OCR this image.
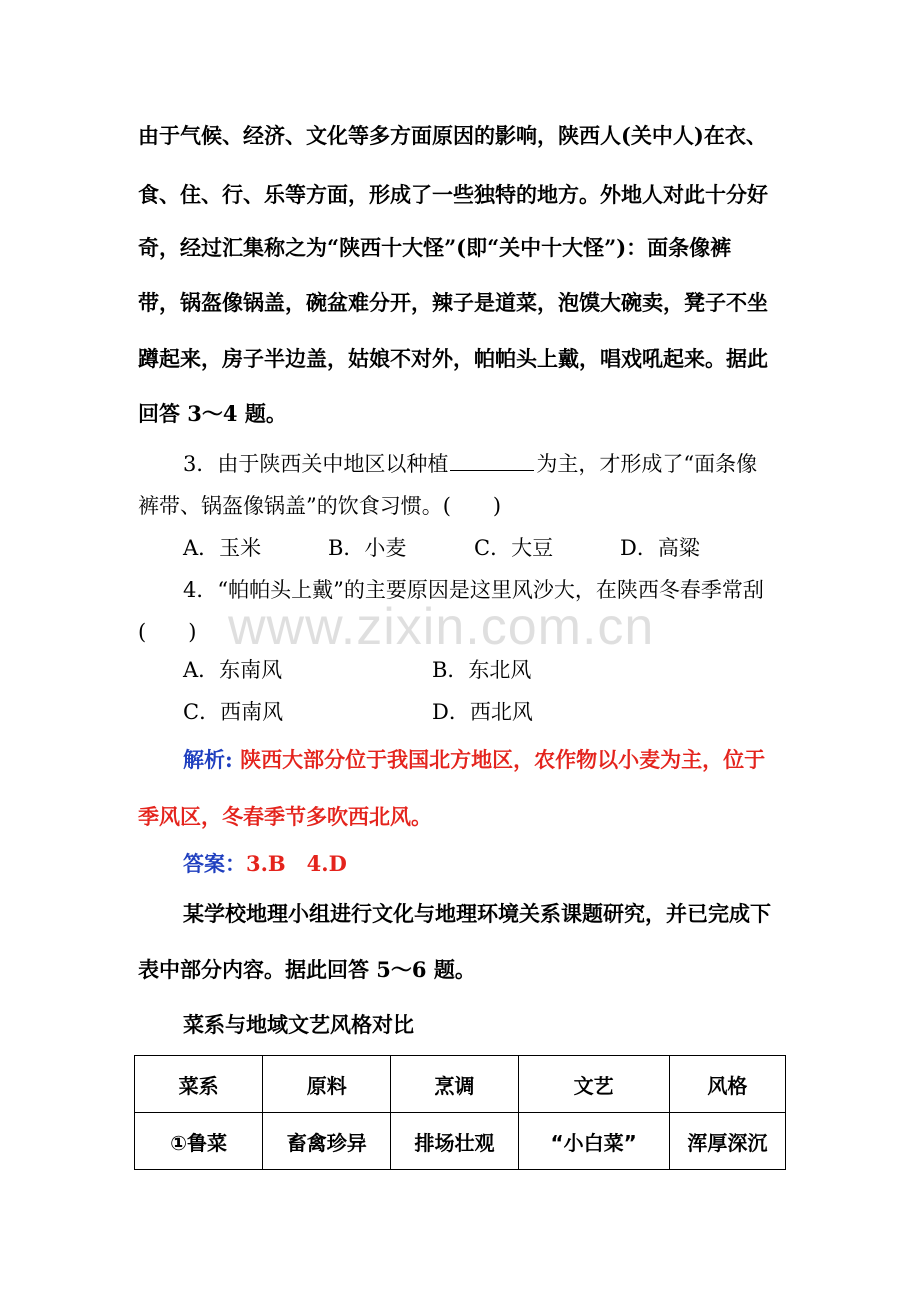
由于气候、经济、文化等多方面原因的影响，陕西人(关中人)在衣、
食、住、行、乐等方面，形成了一些独特的地方。外地人对此十分好
奇，经过汇集称之为“陕西十大怪”(即“关中十大怪”)：面条像裤
带，锅盔像锅盖，碗盆难分开，辣子是道菜，泡馍大碗卖，凳子不坐
蹲起来，房子半边盖，姑娘不对外，帕帕头上戴，唱戏吼起来。据此
回答 3～4 题。
3．由于陕西关中地区以种植	为主，才形成了“面条像
裤带、锅盔像锅盖”的饮食习惯。(　　)
A．玉米	B．小麦	C．大豆	D．高粱
4．“帕帕头上戴”的主要原因是这里风沙大，在陕西冬春季常刮
(　　)
A．东南风	B．东北风
C．西南风	D．西北风
www.zixin.com.cn
解析: 陕西大部分位于我国北方地区，农作物以小麦为主，位于
季风区，冬春季节多吹西北风。
答案：3.B　4.D
某学校地理小组进行文化与地理环境关系课题研究，并已完成下
表中部分内容。据此回答 5～6 题。
菜系与地域文艺风格对比
菜系	原料	烹调	文艺	风格
①鲁菜	畜禽珍异	排场壮观	“小白菜”	浑厚深沉
